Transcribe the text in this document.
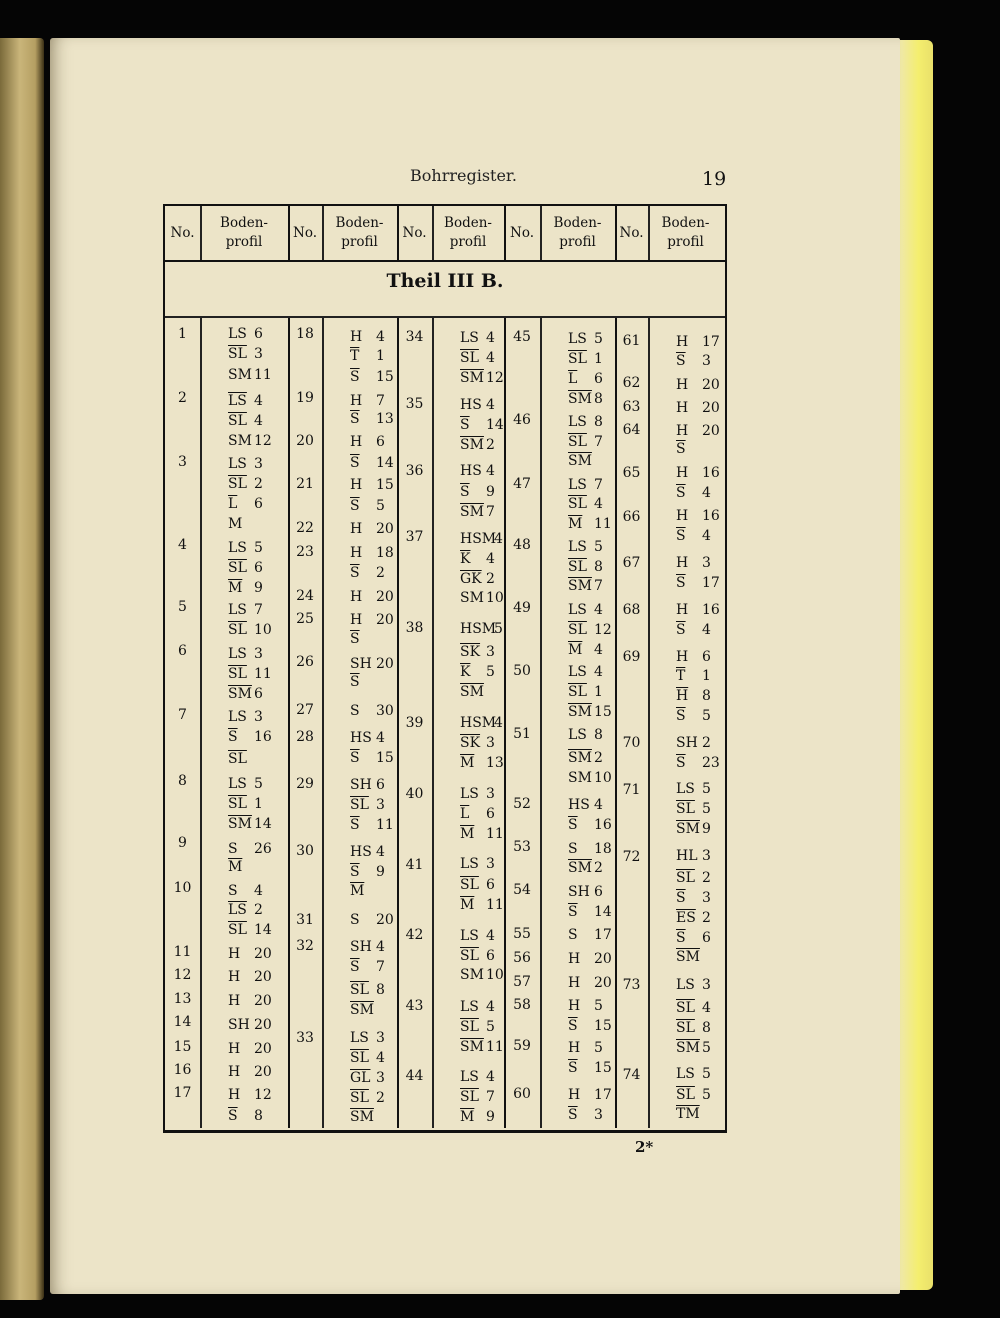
Bohrregister.	19
No.
Boden-
profil
No.
Boden-
profil
No.
Boden-
profil
No.
Boden-
profil
No.
Boden-
profil
Theil III B.
1
2
3
4
5
6
7
8
9
10
11
12
13
14
15
16
17
LS 6
$\overline{SL}$ 3
SM 11
$\overline{LS}$ 4
$\overline{SL}$ 4
SM 12
LS 3
$\overline{SL}$ 2
$\overline{L}$ 6
M
LS 5
$\overline{SL}$ 6
$\overline{M}$ 9
LS 7
$\overline{SL}$ 10
LS 3
$\overline{SL}$ 11
$\overline{SM}$ 6
LS 3
$\overline{S}$ 16
$\overline{SL}$
LS 5
$\overline{SL}$ 1
$\overline{SM}$ 14
S 26
$\overline{M}$
S 4
$\overline{LS}$ 2
$\overline{SL}$ 14
H 20
H 20
H 20
SH 20
H 20
H 20
H 12
$\overline{S}$ 8
18
19
20
21
22
23
24
25
26
27
28
29
30
31
32
33
H 4
$\overline{T}$ 1
$\overline{S}$ 15
H 7
$\overline{S}$ 13
H 6
$\overline{S}$ 14
H 15
$\overline{S}$ 5
H 20
H 18
$\overline{S}$ 2
H 20
H 20
$\overline{S}$
SH 20
$\overline{S}$
S 30
HS 4
$\overline{S}$ 15
SH 6
$\overline{SL}$ 3
$\overline{S}$ 11
HS 4
$\overline{S}$ 9
$\overline{M}$
S 20
SH 4
$\overline{S}$ 7
$\overline{SL}$ 8
$\overline{SM}$
LS 3
$\overline{SL}$ 4
$\overline{GL}$ 3
$\overline{SL}$ 2
$\overline{SM}$
34
35
36
37
38
39
40
41
42
43
44
LS 4
$\overline{SL}$ 4
$\overline{SM}$ 12
HS 4
$\overline{S}$ 14
$\overline{SM}$ 2
HS 4
$\overline{S}$ 9
$\overline{SM}$ 7
HSM
4
$\overline{K}$ 4
$\overline{GK}$ 2
SM 10
HSM
5
$\overline{SK}$ 3
$\overline{K}$ 5
$\overline{SM}$
HSM
4
$\overline{SK}$ 3
$\overline{M}$ 13
LS 3
$\overline{L}$ 6
$\overline{M}$ 11
LS 3
$\overline{SL}$ 6
$\overline{M}$ 11
LS 4
$\overline{SL}$ 6
SM 10
LS 4
$\overline{SL}$ 5
$\overline{SM}$ 11
LS 4
$\overline{SL}$ 7
$\overline{M}$ 9
45
46
47
48
49
50
51
52
53
54
55
56
57
58
59
60
LS 5
$\overline{SL}$ 1
$\overline{L}$ 6
$\overline{SM}$ 8
LS 8
$\overline{SL}$ 7
$\overline{SM}$
LS 7
$\overline{SL}$ 4
$\overline{M}$ 11
LS 5
$\overline{SL}$ 8
$\overline{SM}$ 7
LS 4
$\overline{SL}$ 12
$\overline{M}$ 4
LS 4
$\overline{SL}$ 1
$\overline{SM}$ 15
LS 8
$\overline{SM}$ 2
SM 10
HS 4
$\overline{S}$ 16
S 18
$\overline{SM}$ 2
SH 6
$\overline{S}$ 14
S 17
H 20
H 20
H 5
$\overline{S}$ 15
H 5
$\overline{S}$ 15
H 17
$\overline{S}$ 3
61
62
63
64
65
66
67
68
69
70
71
72
73
74
H 17
$\overline{S}$ 3
H 20
H 20
H 20
$\overline{S}$
H 16
$\overline{S}$ 4
H 16
$\overline{S}$ 4
H 3
$\overline{S}$ 17
H 16
$\overline{S}$ 4
H 6
$\overline{T}$ 1
$\overline{H}$ 8
$\overline{S}$ 5
SH 2
$\overline{S}$ 23
LS 5
$\overline{SL}$ 5
$\overline{SM}$ 9
HL 3
$\overline{SL}$ 2
$\overline{S}$ 3
$\overline{ES}$ 2
$\overline{S}$ 6
$\overline{SM}$
LS 3
$\overline{SL}$ 4
$\overline{SL}$ 8
$\overline{SM}$ 5
LS 5
$\overline{SL}$ 5
$\overline{TM}$
2*
